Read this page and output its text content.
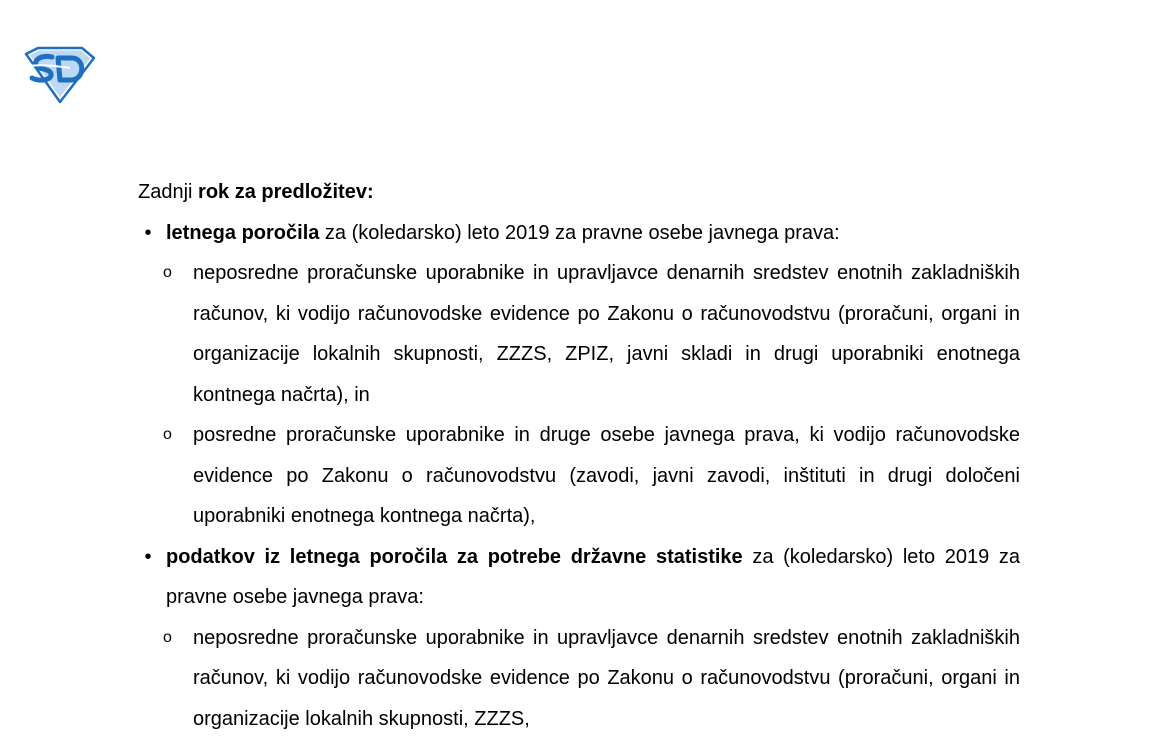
Zadnji rok za predložitev:

• letnega poročila za (koledarsko) leto 2019 za pravne osebe javnega prava:

o neposredne proračunske uporabnike in upravljavce denarnih sredstev enotnih zakladniških računov, ki vodijo računovodske evidence po Zakonu o računovodstvu (proračuni, organi in organizacije lokalnih skupnosti, ZZZS, ZPIZ, javni skladi in drugi uporabniki enotnega kontnega načrta), in
o posredne proračunske uporabnike in druge osebe javnega prava, ki vodijo računovodske evidence po Zakonu o računovodstvu (zavodi, javni zavodi, inštituti in drugi določeni uporabniki enotnega kontnega načrta),
• podatkov iz letnega poročila za potrebe državne statistike za (koledarsko) leto 2019 za pravne osebe javnega prava:

o neposredne proračunske uporabnike in upravljavce denarnih sredstev enotnih zakladniških računov, ki vodijo računovodske evidence po Zakonu o računovodstvu (proračuni, organi in organizacije lokalnih skupnosti, ZZZS,
